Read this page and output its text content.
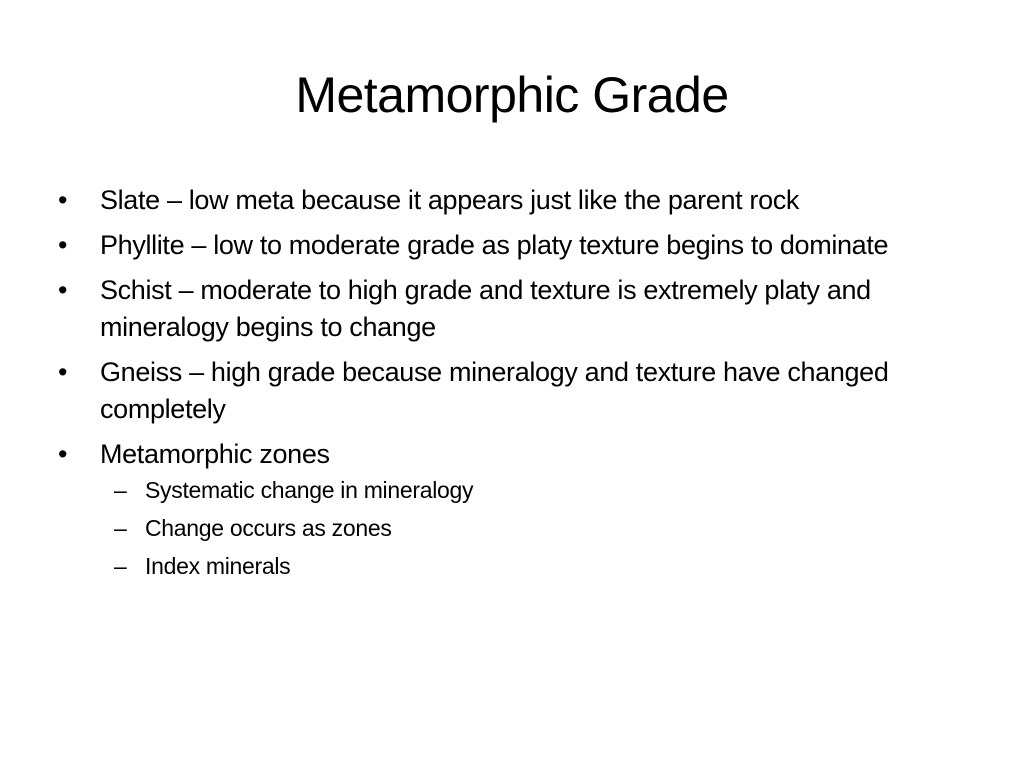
Metamorphic Grade
•	Slate – low meta because it appears just like the parent rock
•	Phyllite – low to moderate grade as platy texture begins to dominate
•	Schist – moderate to high grade and texture is extremely platy and mineralogy begins to change
•	Gneiss – high grade because mineralogy and texture have changed completely
•	Metamorphic zones
– Systematic change in mineralogy
– Change occurs as zones
– Index minerals
